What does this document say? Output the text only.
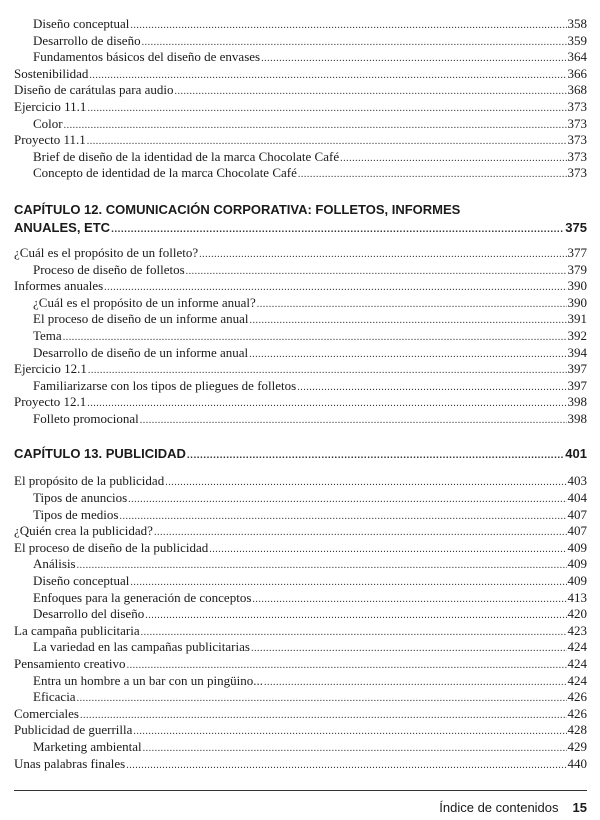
Diseño conceptual .....	358
Desarrollo de diseño .....	359
Fundamentos básicos del diseño de envases .....	364
Sostenibilidad .....	366
Diseño de carátulas para audio .....	368
Ejercicio 11.1 .....	373
Color .....	373
Proyecto 11.1 .....	373
Brief de diseño de la identidad de la marca Chocolate Café .....	373
Concepto de identidad de la marca Chocolate Café .....	373
CAPÍTULO 12. COMUNICACIÓN CORPORATIVA: FOLLETOS, INFORMES
ANUALES, ETC .....	375
¿Cuál es el propósito de un folleto? .....	377
Proceso de diseño de folletos .....	379
Informes anuales .....	390
¿Cuál es el propósito de un informe anual? .....	390
El proceso de diseño de un informe anual .....	391
Tema .....	392
Desarrollo de diseño de un informe anual .....	394
Ejercicio 12.1 .....	397
Familiarizarse con los tipos de pliegues de folletos .....	397
Proyecto 12.1 .....	398
Folleto promocional .....	398
CAPÍTULO 13. PUBLICIDAD .....	401
El propósito de la publicidad .....	403
Tipos de anuncios .....	404
Tipos de medios .....	407
¿Quién crea la publicidad? .....	407
El proceso de diseño de la publicidad .....	409
Análisis .....	409
Diseño conceptual .....	409
Enfoques para la generación de conceptos .....	413
Desarrollo del diseño .....	420
La campaña publicitaria .....	423
La variedad en las campañas publicitarias .....	424
Pensamiento creativo .....	424
Entra un hombre a un bar con un pingüino... .....	424
Eficacia .....	426
Comerciales .....	426
Publicidad de guerrilla .....	428
Marketing ambiental .....	429
Unas palabras finales .....	440
Índice de contenidos 15
